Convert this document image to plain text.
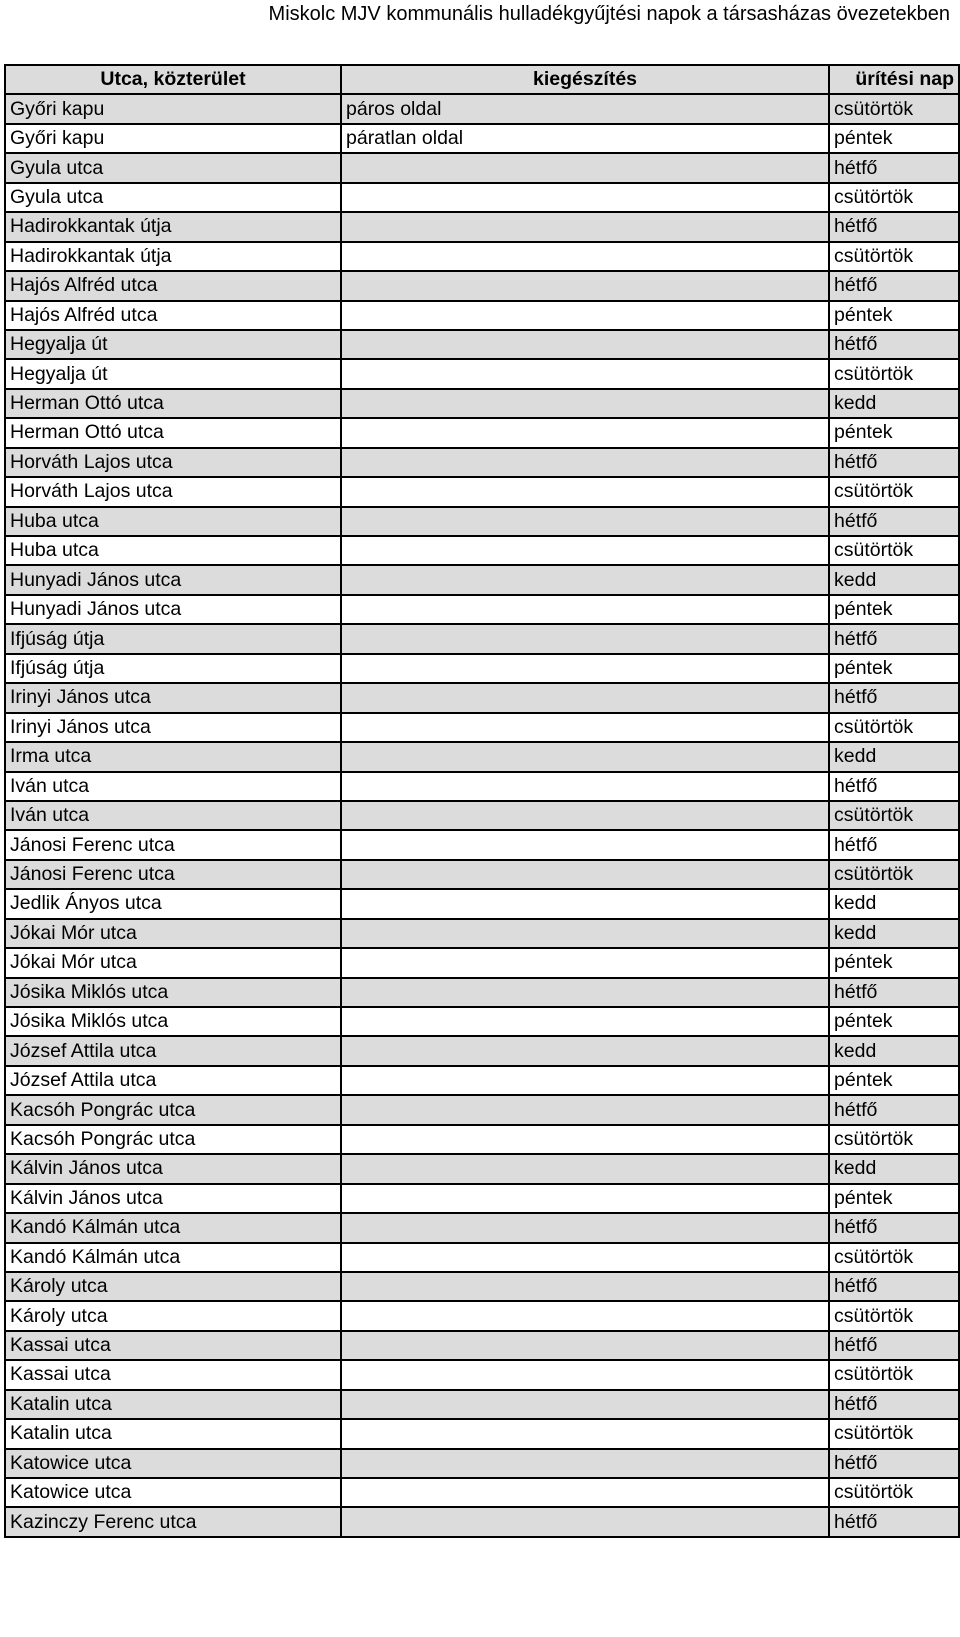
Miskolc MJV kommunális hulladékgyűjtési napok a társasházas övezetekben
Utca, közterület	kiegészítés	ürítési nap
Győri kapu	páros oldal	csütörtök
Győri kapu	páratlan oldal	péntek
Gyula utca		hétfő
Gyula utca		csütörtök
Hadirokkantak útja		hétfő
Hadirokkantak útja		csütörtök
Hajós Alfréd utca		hétfő
Hajós Alfréd utca		péntek
Hegyalja út		hétfő
Hegyalja út		csütörtök
Herman Ottó utca		kedd
Herman Ottó utca		péntek
Horváth Lajos utca		hétfő
Horváth Lajos utca		csütörtök
Huba utca		hétfő
Huba utca		csütörtök
Hunyadi János utca		kedd
Hunyadi János utca		péntek
Ifjúság útja		hétfő
Ifjúság útja		péntek
Irinyi János utca		hétfő
Irinyi János utca		csütörtök
Irma utca		kedd
Iván utca		hétfő
Iván utca		csütörtök
Jánosi Ferenc utca		hétfő
Jánosi Ferenc utca		csütörtök
Jedlik Ányos utca		kedd
Jókai Mór utca		kedd
Jókai Mór utca		péntek
Jósika Miklós utca		hétfő
Jósika Miklós utca		péntek
József Attila utca		kedd
József Attila utca		péntek
Kacsóh Pongrác utca		hétfő
Kacsóh Pongrác utca		csütörtök
Kálvin János utca		kedd
Kálvin János utca		péntek
Kandó Kálmán utca		hétfő
Kandó Kálmán utca		csütörtök
Károly utca		hétfő
Károly utca		csütörtök
Kassai utca		hétfő
Kassai utca		csütörtök
Katalin utca		hétfő
Katalin utca		csütörtök
Katowice utca		hétfő
Katowice utca		csütörtök
Kazinczy Ferenc utca		hétfő
